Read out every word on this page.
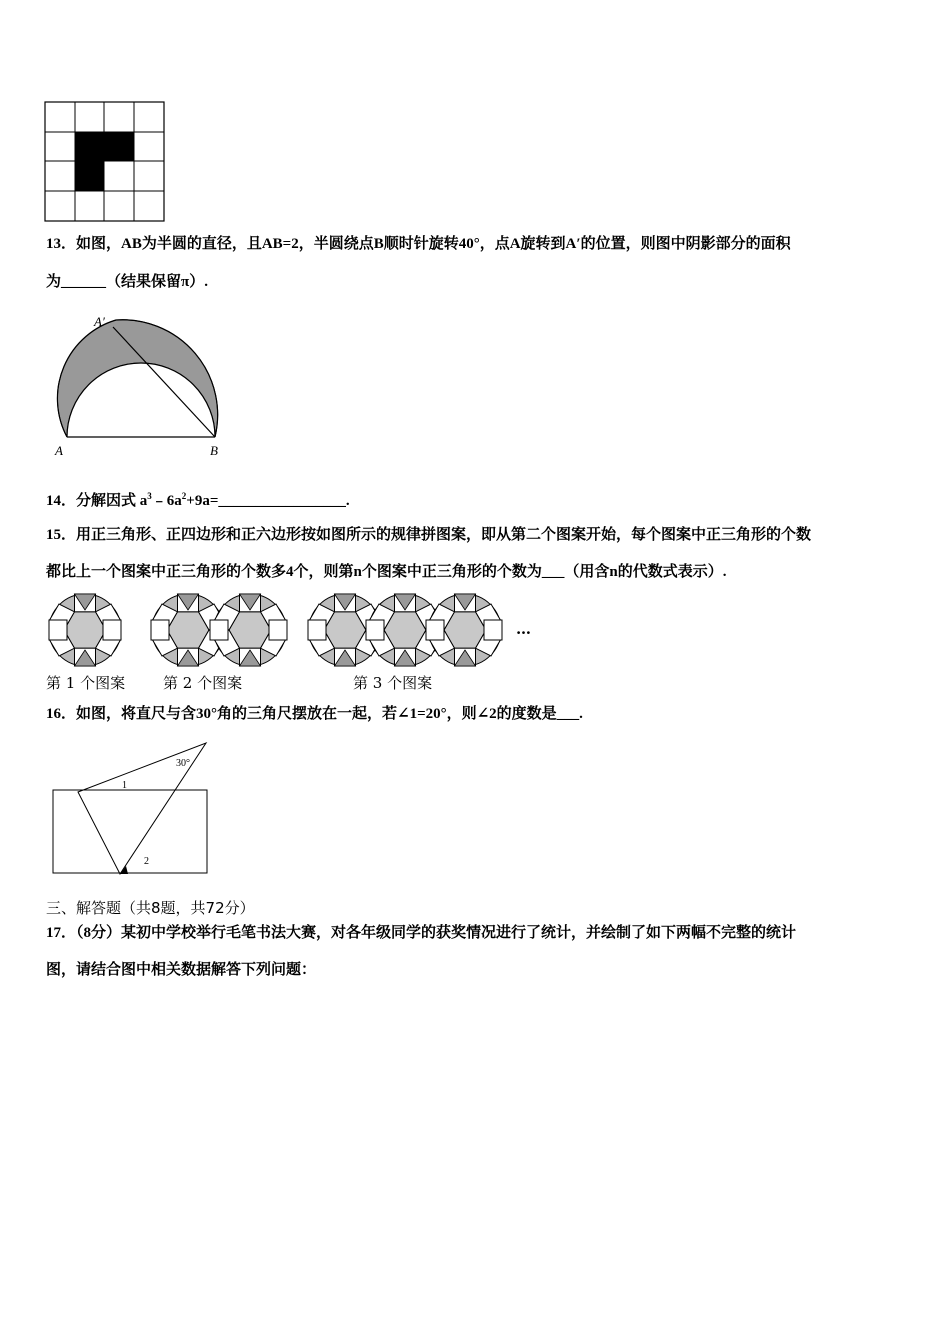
13．如图，AB为半圆的直径，且AB=2，半圆绕点B顺时针旋转40°，点A旋转到A′的位置，则图中阴影部分的面积
为______（结果保留π）.
A′
A	B
14．分解因式 $a^3﹣6a^2+9a=\_\_\_\_\_\_\_\_\_\_\_\_\_\_\_\_\_$.
15．用正三角形、正四边形和正六边形按如图所示的规律拼图案，即从第二个图案开始，每个图案中正三角形的个数
都比上一个图案中正三角形的个数多4个，则第n个图案中正三角形的个数为___（用含n的代数式表示）.
…
第 1 个图案	第 2 个图案	第 3 个图案
16．如图，将直尺与含30°角的三角尺摆放在一起，若∠1=20°，则∠2的度数是___.
30°
1
2
三、解答题（共8题，共72分）
17．（8分）某初中学校举行毛笔书法大赛，对各年级同学的获奖情况进行了统计，并绘制了如下两幅不完整的统计
图，请结合图中相关数据解答下列问题：
